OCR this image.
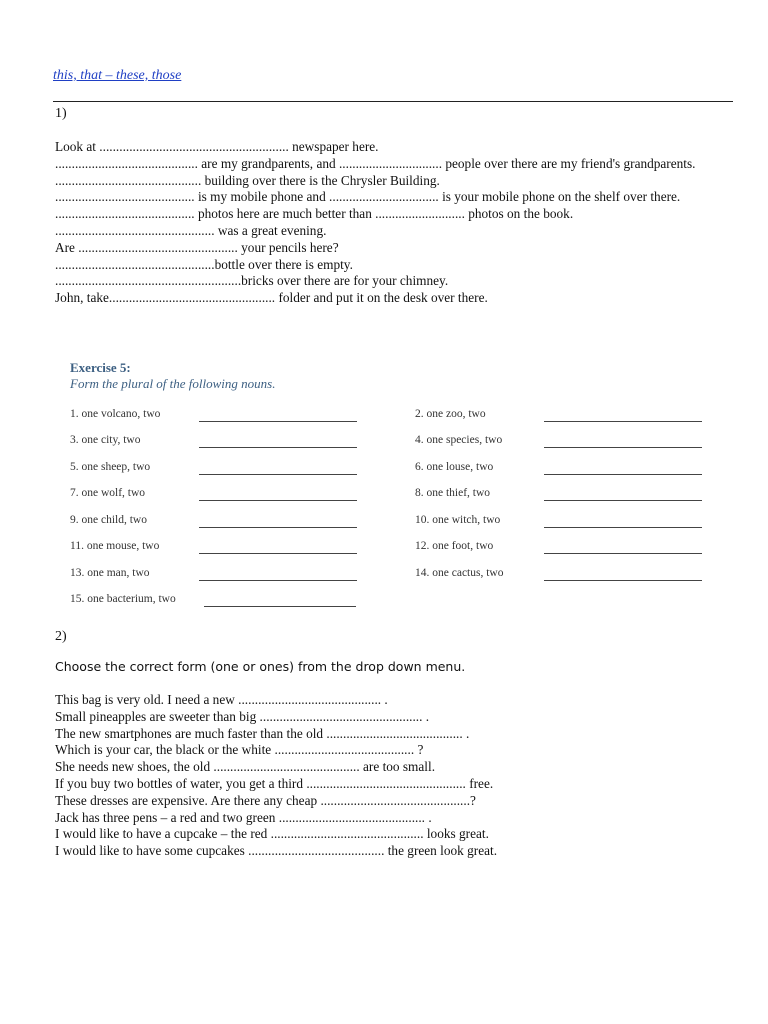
this, that – these, those
1)
Look at ......................................................... newspaper here.
........................................... are my grandparents, and ............................... people over there are my friend's grandparents.
............................................ building over there is the Chrysler Building.
.......................................... is my mobile phone and ................................. is your mobile phone on the shelf over there.
.......................................... photos here are much better than ........................... photos on the book.
................................................ was a great evening.
Are ................................................ your pencils here?
................................................bottle over there is empty.
........................................................bricks over there are for your chimney.
John, take.................................................. folder and put it on the desk over there.
Exercise 5:
Form the plural of the following nouns.
1. one volcano, two
3. one city, two
5. one sheep, two
7. one wolf, two
9. one child, two
11. one mouse, two
13. one man, two
15. one bacterium, two
2. one zoo, two
4. one species, two
6. one louse, two
8. one thief, two
10. one witch, two
12. one foot, two
14. one cactus, two
2)
Choose the correct form (one or ones) from the drop down menu.
This bag is very old. I need a new ........................................... .
Small pineapples are sweeter than big ................................................. .
The new smartphones are much faster than the old ......................................... .
Which is your car, the black or the white .......................................... ?
She needs new shoes, the old ............................................ are too small.
If you buy two bottles of water, you get a third ................................................ free.
These dresses are expensive. Are there any cheap .............................................?
Jack has three pens – a red and two green ............................................ .
I would like to have a cupcake – the red .............................................. looks great.
I would like to have some cupcakes ......................................... the green look great.
